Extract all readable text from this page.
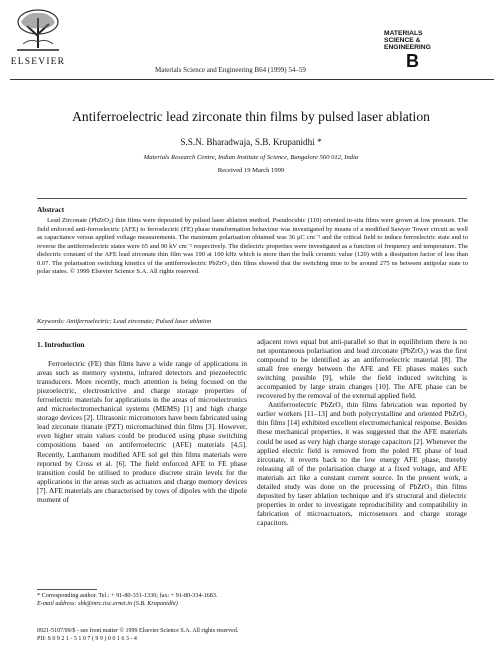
ELSEVIER
Materials Science and Engineering B64 (1999) 54–59
MATERIALS
SCIENCE &
ENGINEERING
B
Antiferroelectric lead zirconate thin films by pulsed laser ablation
S.S.N. Bharadwaja, S.B. Krupanidhi *
Materials Research Centre, Indian Institute of Science, Bangalore 560 012, India
Received 19 March 1999
Abstract
Lead Zirconate (PbZrO₃) thin films were deposited by pulsed laser ablation method. Pseudocubic (110) oriented in-situ films were grown at low pressure. The field enforced anti-ferroelectric (AFE) to ferroelectric (FE) phase transformation behaviour was investigated by means of a modified Sawyer Tower circuit as well as capacitance versus applied voltage measurements. The maximum polarisation obtained was 36 μC cm⁻² and the critical field to induce ferroelectric state and to reverse the antiferroelectric states were 65 and 90 kV cm⁻¹ respectively. The dielectric properties were investigated as a function of frequency and temperature. The dielectric constant of the AFE lead zirconate thin film was 190 at 100 kHz which is more than the bulk ceramic value (120) with a dissipation factor of less than 0.07. The polarisation switching kinetics of the antiferroelectric PbZrO₃ thin films showed that the switching time to be around 275 ns between antipolar state to polar states. © 1999 Elsevier Science S.A. All rights reserved.
Keywords: Antiferroelectric; Lead zirconate; Pulsed laser ablation
1. Introduction

Ferroelectric (FE) thin films have a wide range of applications in areas such as memory systems, infrared detectors and piezoelectric transducers. More recently, much attention is being focused on the piezoelectric, electrostrictive and charge storage properties of ferroelectric materials for applications in the areas of microelectronics and microelectromechanical systems (MEMS) [1] and high charge storage devices [2]. Ultrasonic micromotors have been fabricated using lead zirconate titanate (PZT) micromachined thin films [3]. However, even higher strain values could be produced using phase switching compositions based on antiferroelectric (AFE) materials [4,5]. Recently, Lanthanum modified AFE sol gel thin films materials were reported by Cross et al. [6]. The field enforced AFE to FE phase transition could be utilised to produce discrete strain levels for the applications in the areas such as actuators and charge memory devices [7]. AFE materials are characterised by rows of dipoles with the dipole moment of

adjacent rows equal but anti-parallel so that in equilibrium there is no net spontaneous polarisation and lead zirconate (PbZrO₃) was the first compound to be identified as an antiferroelectric material [8]. The small free energy between the AFE and FE phases makes such switching possible [9], while the field induced switching is accompanied by large strain changes [10]. The AFE phase can be recovered by the removal of the external applied field.

Antiferroelectric PbZrO₃ thin films fabrication was reported by earlier workers [11–13] and both polycrystalline and oriented PbZrO₃ thin films [14] exhibited excellent electromechanical response. Besides these mechanical properties, it was suggested that the AFE materials could be used as very high charge storage capacitors [2]. Whenever the applied electric field is removed from the poled FE phase of lead zirconate, it reverts back to the low energy AFE phase, thereby releasing all of the polarisation charge at a fixed voltage, and AFE materials act like a constant current source. In the present work, a detailed study was done on the processing of PbZrO₃ thin films deposited by laser ablation technique and it's structural and dielectric properties in order to investigate reproducibility and compatibility in fabrication of microactuators, microsensors and charge storage capacitors.

* Corresponding author. Tel.: + 91-80-331-1330; fax: + 91-80-334-1683.
E-mail address: sbk@mrc.iisc.ernet.in (S.B. Krupanidhi)
0921-5107/99/$ - see front matter © 1999 Elsevier Science S.A. All rights reserved.
PII: S 0 9 2 1 - 5 1 0 7 ( 9 9 ) 0 0 1 6 3 - 4
